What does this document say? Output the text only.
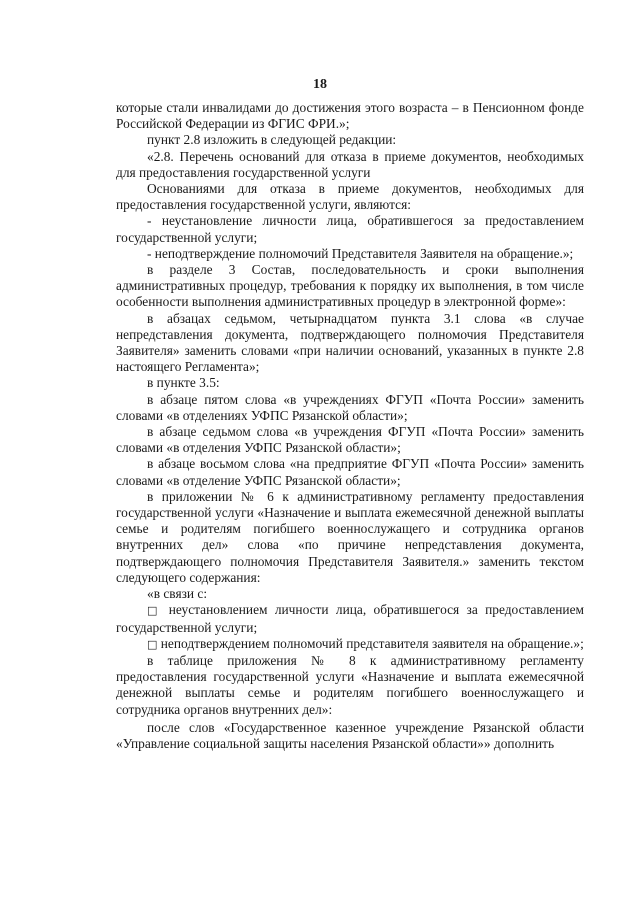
18

которые стали инвалидами до достижения этого возраста – в Пенсионном фонде Российской Федерации из ФГИС ФРИ.»;

пункт 2.8 изложить в следующей редакции:

«2.8. Перечень оснований для отказа в приеме документов, необходимых для предоставления государственной услуги

Основаниями для отказа в приеме документов, необходимых для предоставления государственной услуги, являются:

- неустановление личности лица, обратившегося за предоставлением государственной услуги;

- неподтверждение полномочий Представителя Заявителя на обращение.»;

в разделе 3 Состав, последовательность и сроки выполнения административных процедур, требования к порядку их выполнения, в том числе особенности выполнения административных процедур в электронной форме»:

в абзацах седьмом, четырнадцатом пункта 3.1 слова «в случае непредставления документа, подтверждающего полномочия Представителя Заявителя» заменить словами «при наличии оснований, указанных в пункте 2.8 настоящего Регламента»;

в пункте 3.5:

в абзаце пятом слова «в учреждениях ФГУП «Почта России» заменить словами «в отделениях УФПС Рязанской области»;

в абзаце седьмом слова «в учреждения ФГУП «Почта России» заменить словами «в отделения УФПС Рязанской области»;

в абзаце восьмом слова «на предприятие ФГУП «Почта России» заменить словами «в отделение УФПС Рязанской области»;

в приложении № 6 к административному регламенту предоставления государственной услуги «Назначение и выплата ежемесячной денежной выплаты семье и родителям погибшего военнослужащего и сотрудника органов внутренних дел» слова «по причине непредставления документа, подтверждающего полномочия Представителя Заявителя.» заменить текстом следующего содержания:

«в связи с:

□ неустановлением личности лица, обратившегося за предоставлением государственной услуги;

□ неподтверждением полномочий представителя заявителя на обращение.»;

в таблице приложения № 8 к административному регламенту предоставления государственной услуги «Назначение и выплата ежемесячной денежной выплаты семье и родителям погибшего военнослужащего и сотрудника органов внутренних дел»:

после слов «Государственное казенное учреждение Рязанской области «Управление социальной защиты населения Рязанской области»» дополнить
